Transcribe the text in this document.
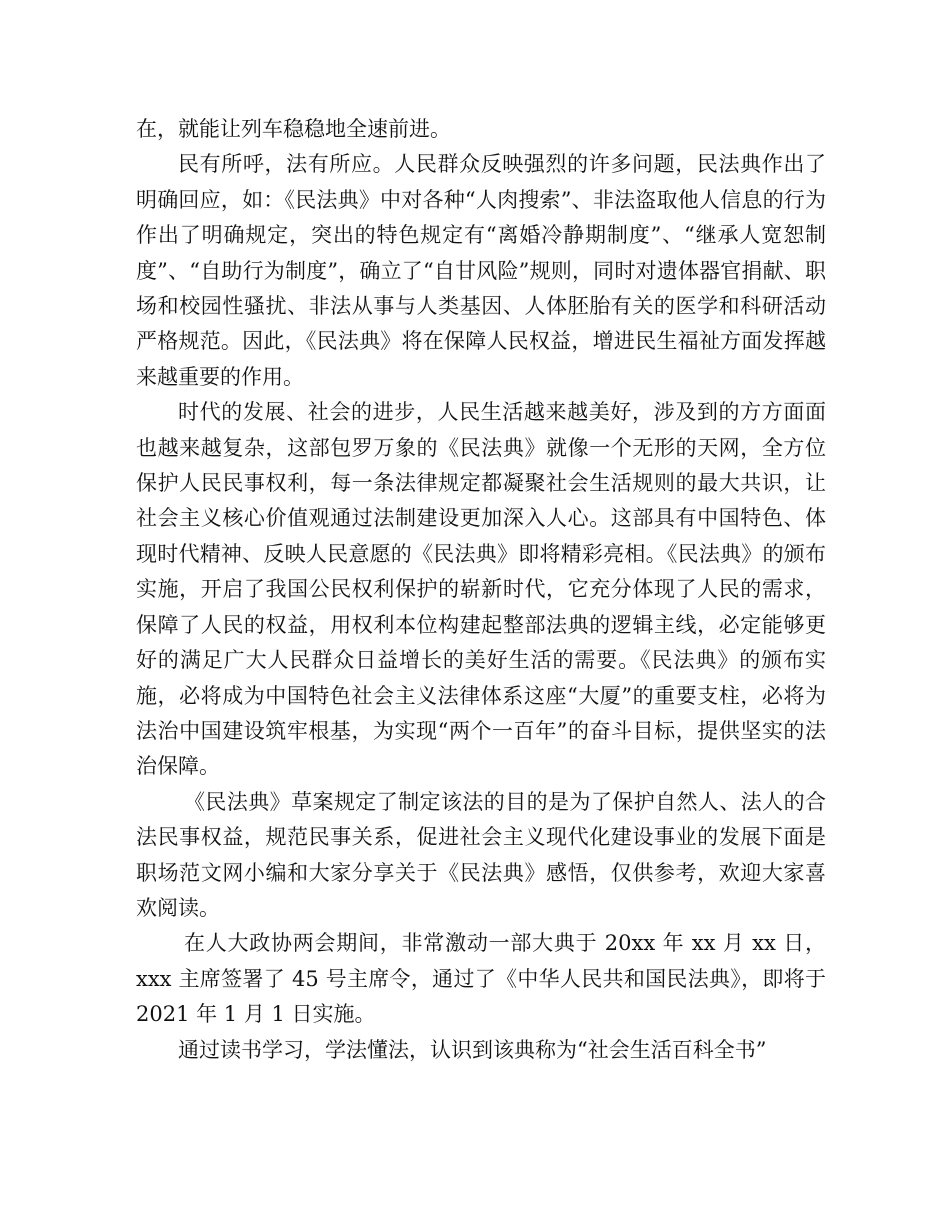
在，就能让列车稳稳地全速前进。

民有所呼，法有所应。人民群众反映强烈的许多问题，民法典作出了明确回应，如：《民法典》中对各种“人肉搜索”、非法盗取他人信息的行为作出了明确规定，突出的特色规定有“离婚冷静期制度”、“继承人宽恕制度”、“自助行为制度”，确立了“自甘风险”规则，同时对遗体器官捐献、职场和校园性骚扰、非法从事与人类基因、人体胚胎有关的医学和科研活动严格规范。因此，《民法典》将在保障人民权益，增进民生福祉方面发挥越来越重要的作用。

时代的发展、社会的进步，人民生活越来越美好，涉及到的方方面面也越来越复杂，这部包罗万象的《民法典》就像一个无形的天网，全方位保护人民民事权利，每一条法律规定都凝聚社会生活规则的最大共识，让社会主义核心价值观通过法制建设更加深入人心。这部具有中国特色、体现时代精神、反映人民意愿的《民法典》即将精彩亮相。《民法典》的颁布实施，开启了我国公民权利保护的崭新时代，它充分体现了人民的需求，保障了人民的权益，用权利本位构建起整部法典的逻辑主线，必定能够更好的满足广大人民群众日益增长的美好生活的需要。《民法典》的颁布实施，必将成为中国特色社会主义法律体系这座“大厦”的重要支柱，必将为法治中国建设筑牢根基，为实现“两个一百年”的奋斗目标，提供坚实的法治保障。

《民法典》草案规定了制定该法的目的是为了保护自然人、法人的合法民事权益，规范民事关系，促进社会主义现代化建设事业的发展下面是职场范文网小编和大家分享关于《民法典》感悟，仅供参考，欢迎大家喜欢阅读。

在人大政协两会期间，非常激动一部大典于 20xx 年 xx 月 xx 日，xxx 主席签署了 45 号主席令，通过了《中华人民共和国民法典》，即将于 2021 年 1 月 1 日实施。

通过读书学习，学法懂法，认识到该典称为“社会生活百科全书”
